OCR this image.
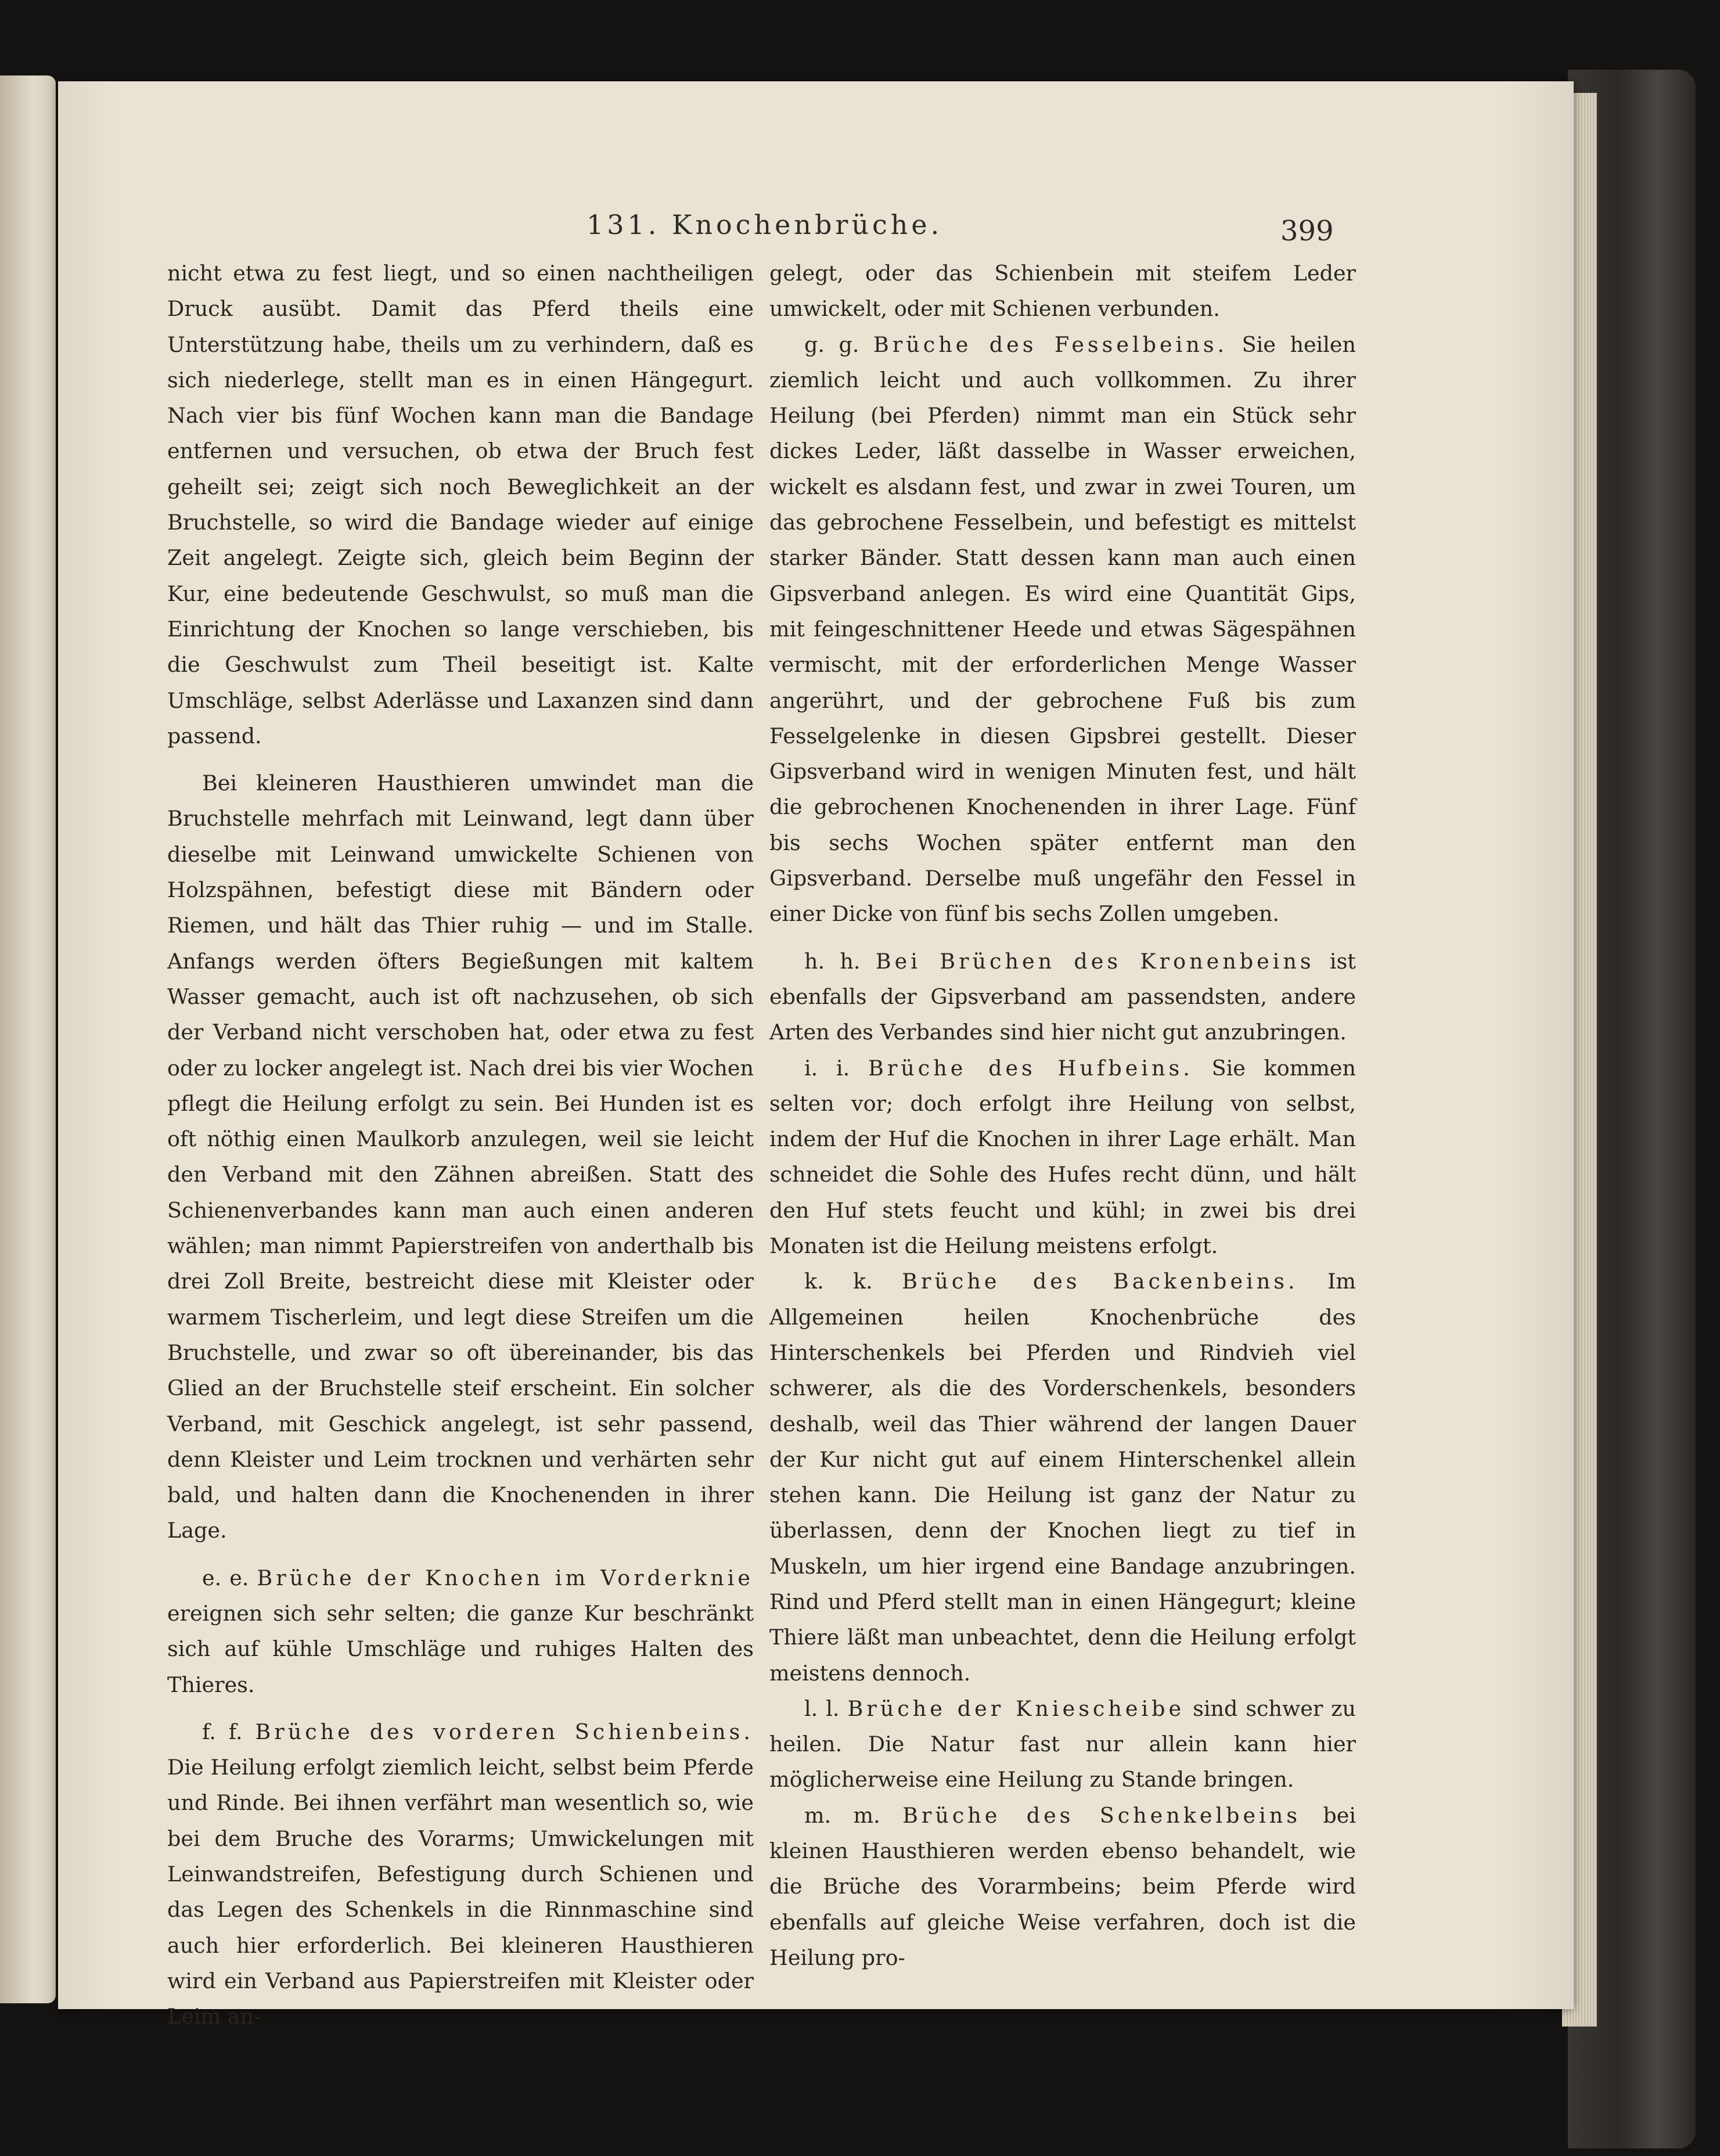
131. Knochenbrüche.	399

nicht etwa zu fest liegt, und so einen nachtheiligen Druck ausübt. Damit das Pferd theils eine Unterstützung habe, theils um zu verhindern, daß es sich niederlege, stellt man es in einen Hängegurt. Nach vier bis fünf Wochen kann man die Bandage entfernen und versuchen, ob etwa der Bruch fest geheilt sei; zeigt sich noch Beweglichkeit an der Bruchstelle, so wird die Bandage wieder auf einige Zeit angelegt. Zeigte sich, gleich beim Beginn der Kur, eine bedeutende Geschwulst, so muß man die Einrichtung der Knochen so lange verschieben, bis die Geschwulst zum Theil beseitigt ist. Kalte Umschläge, selbst Aderlässe und Laxanzen sind dann passend.

Bei kleineren Hausthieren umwindet man die Bruchstelle mehrfach mit Leinwand, legt dann über dieselbe mit Leinwand umwickelte Schienen von Holzspähnen, befestigt diese mit Bändern oder Riemen, und hält das Thier ruhig — und im Stalle. Anfangs werden öfters Begießungen mit kaltem Wasser gemacht, auch ist oft nachzusehen, ob sich der Verband nicht verschoben hat, oder etwa zu fest oder zu locker angelegt ist. Nach drei bis vier Wochen pflegt die Heilung erfolgt zu sein. Bei Hunden ist es oft nöthig einen Maulkorb anzulegen, weil sie leicht den Verband mit den Zähnen abreißen. Statt des Schienenverbandes kann man auch einen anderen wählen; man nimmt Papierstreifen von anderthalb bis drei Zoll Breite, bestreicht diese mit Kleister oder warmem Tischerleim, und legt diese Streifen um die Bruchstelle, und zwar so oft übereinander, bis das Glied an der Bruchstelle steif erscheint. Ein solcher Verband, mit Geschick angelegt, ist sehr passend, denn Kleister und Leim trocknen und verhärten sehr bald, und halten dann die Knochenenden in ihrer Lage.

e. e. Brüche der Knochen im Vorderknie ereignen sich sehr selten; die ganze Kur beschränkt sich auf kühle Umschläge und ruhiges Halten des Thieres.

f. f. Brüche des vorderen Schienbeins. Die Heilung erfolgt ziemlich leicht, selbst beim Pferde und Rinde. Bei ihnen verfährt man wesentlich so, wie bei dem Bruche des Vorarms; Umwickelungen mit Leinwandstreifen, Befestigung durch Schienen und das Legen des Schenkels in die Rinnmaschine sind auch hier erforderlich. Bei kleineren Hausthieren wird ein Verband aus Papierstreifen mit Kleister oder Leim an-

gelegt, oder das Schienbein mit steifem Leder umwickelt, oder mit Schienen verbunden.

g. g. Brüche des Fesselbeins. Sie heilen ziemlich leicht und auch vollkommen. Zu ihrer Heilung (bei Pferden) nimmt man ein Stück sehr dickes Leder, läßt dasselbe in Wasser erweichen, wickelt es alsdann fest, und zwar in zwei Touren, um das gebrochene Fesselbein, und befestigt es mittelst starker Bänder. Statt dessen kann man auch einen Gipsverband anlegen. Es wird eine Quantität Gips, mit feingeschnittener Heede und etwas Sägespähnen vermischt, mit der erforderlichen Menge Wasser angerührt, und der gebrochene Fuß bis zum Fesselgelenke in diesen Gipsbrei gestellt. Dieser Gipsverband wird in wenigen Minuten fest, und hält die gebrochenen Knochenenden in ihrer Lage. Fünf bis sechs Wochen später entfernt man den Gipsverband. Derselbe muß ungefähr den Fessel in einer Dicke von fünf bis sechs Zollen umgeben.

h. h. Bei Brüchen des Kronenbeins ist ebenfalls der Gipsverband am passendsten, andere Arten des Verbandes sind hier nicht gut anzubringen.

i. i. Brüche des Hufbeins. Sie kommen selten vor; doch erfolgt ihre Heilung von selbst, indem der Huf die Knochen in ihrer Lage erhält. Man schneidet die Sohle des Hufes recht dünn, und hält den Huf stets feucht und kühl; in zwei bis drei Monaten ist die Heilung meistens erfolgt.

k. k. Brüche des Backenbeins. Im Allgemeinen heilen Knochenbrüche des Hinterschenkels bei Pferden und Rindvieh viel schwerer, als die des Vorderschenkels, besonders deshalb, weil das Thier während der langen Dauer der Kur nicht gut auf einem Hinterschenkel allein stehen kann. Die Heilung ist ganz der Natur zu überlassen, denn der Knochen liegt zu tief in Muskeln, um hier irgend eine Bandage anzubringen. Rind und Pferd stellt man in einen Hängegurt; kleine Thiere läßt man unbeachtet, denn die Heilung erfolgt meistens dennoch.

l. l. Brüche der Kniescheibe sind schwer zu heilen. Die Natur fast nur allein kann hier möglicherweise eine Heilung zu Stande bringen.

m. m. Brüche des Schenkelbeins bei kleinen Hausthieren werden ebenso behandelt, wie die Brüche des Vorarmbeins; beim Pferde wird ebenfalls auf gleiche Weise verfahren, doch ist die Heilung pro-
